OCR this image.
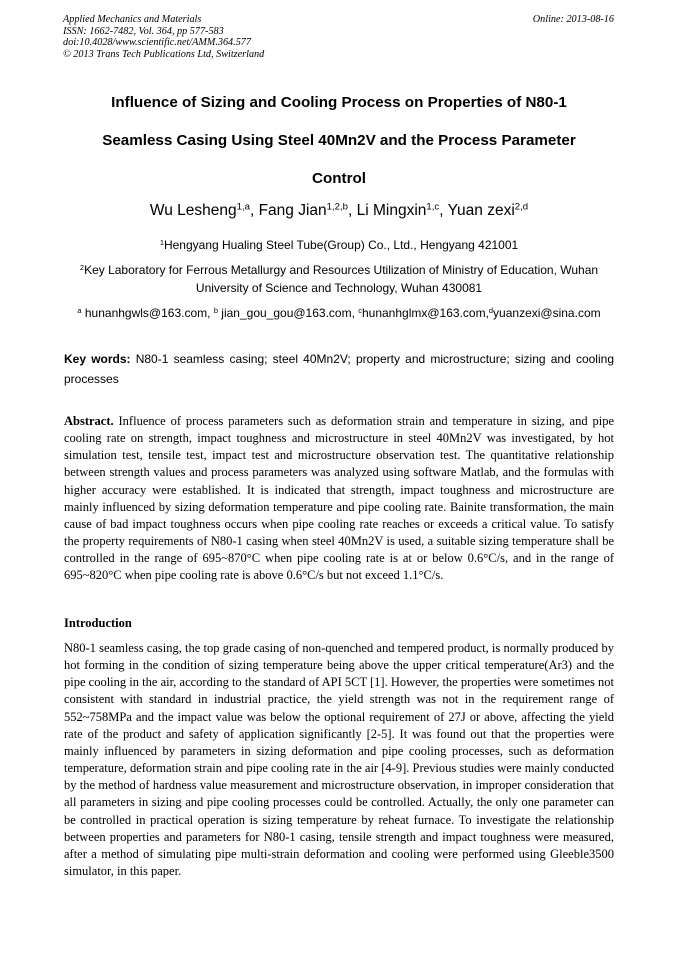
Applied Mechanics and Materials
ISSN: 1662-7482, Vol. 364, pp 577-583
doi:10.4028/www.scientific.net/AMM.364.577
© 2013 Trans Tech Publications Ltd, Switzerland
Online: 2013-08-16
Influence of Sizing and Cooling Process on Properties of N80-1
Seamless Casing Using Steel 40Mn2V and the Process Parameter
Control
Wu Lesheng$^{1,a}$, Fang Jian$^{1,2,b}$, Li Mingxin$^{1,c}$, Yuan zexi$^{2,d}$
$^1$Hengyang Hualing Steel Tube(Group) Co., Ltd., Hengyang 421001
$^2$Key Laboratory for Ferrous Metallurgy and Resources Utilization of Ministry of Education, Wuhan
University of Science and Technology, Wuhan 430081
$^a$ hunanhgwls@163.com, $^b$ jian_gou_gou@163.com, $^c$hunanhglmx@163.com,$^d$yuanzexi@sina.com
Key words: N80-1 seamless casing; steel 40Mn2V; property and microstructure; sizing and cooling processes
Abstract. Influence of process parameters such as deformation strain and temperature in sizing, and pipe cooling rate on strength, impact toughness and microstructure in steel 40Mn2V was investigated, by hot simulation test, tensile test, impact test and microstructure observation test. The quantitative relationship between strength values and process parameters was analyzed using software Matlab, and the formulas with higher accuracy were established. It is indicated that strength, impact toughness and microstructure are mainly influenced by sizing deformation temperature and pipe cooling rate. Bainite transformation, the main cause of bad impact toughness occurs when pipe cooling rate reaches or exceeds a critical value. To satisfy the property requirements of N80-1 casing when steel 40Mn2V is used, a suitable sizing temperature shall be controlled in the range of 695~870°C when pipe cooling rate is at or below 0.6°C/s, and in the range of 695~820°C when pipe cooling rate is above 0.6°C/s but not exceed 1.1°C/s.
Introduction
N80-1 seamless casing, the top grade casing of non-quenched and tempered product, is normally produced by hot forming in the condition of sizing temperature being above the upper critical temperature(Ar3) and the pipe cooling in the air, according to the standard of API 5CT [1]. However, the properties were sometimes not consistent with standard in industrial practice, the yield strength was not in the requirement range of 552~758MPa and the impact value was below the optional requirement of 27J or above, affecting the yield rate of the product and safety of application significantly [2-5]. It was found out that the properties were mainly influenced by parameters in sizing deformation and pipe cooling processes, such as deformation temperature, deformation strain and pipe cooling rate in the air [4-9]. Previous studies were mainly conducted by the method of hardness value measurement and microstructure observation, in improper consideration that all parameters in sizing and pipe cooling processes could be controlled. Actually, the only one parameter can be controlled in practical operation is sizing temperature by reheat furnace. To investigate the relationship between properties and parameters for N80-1 casing, tensile strength and impact toughness were measured, after a method of simulating pipe multi-strain deformation and cooling were performed using Gleeble3500 simulator, in this paper.
